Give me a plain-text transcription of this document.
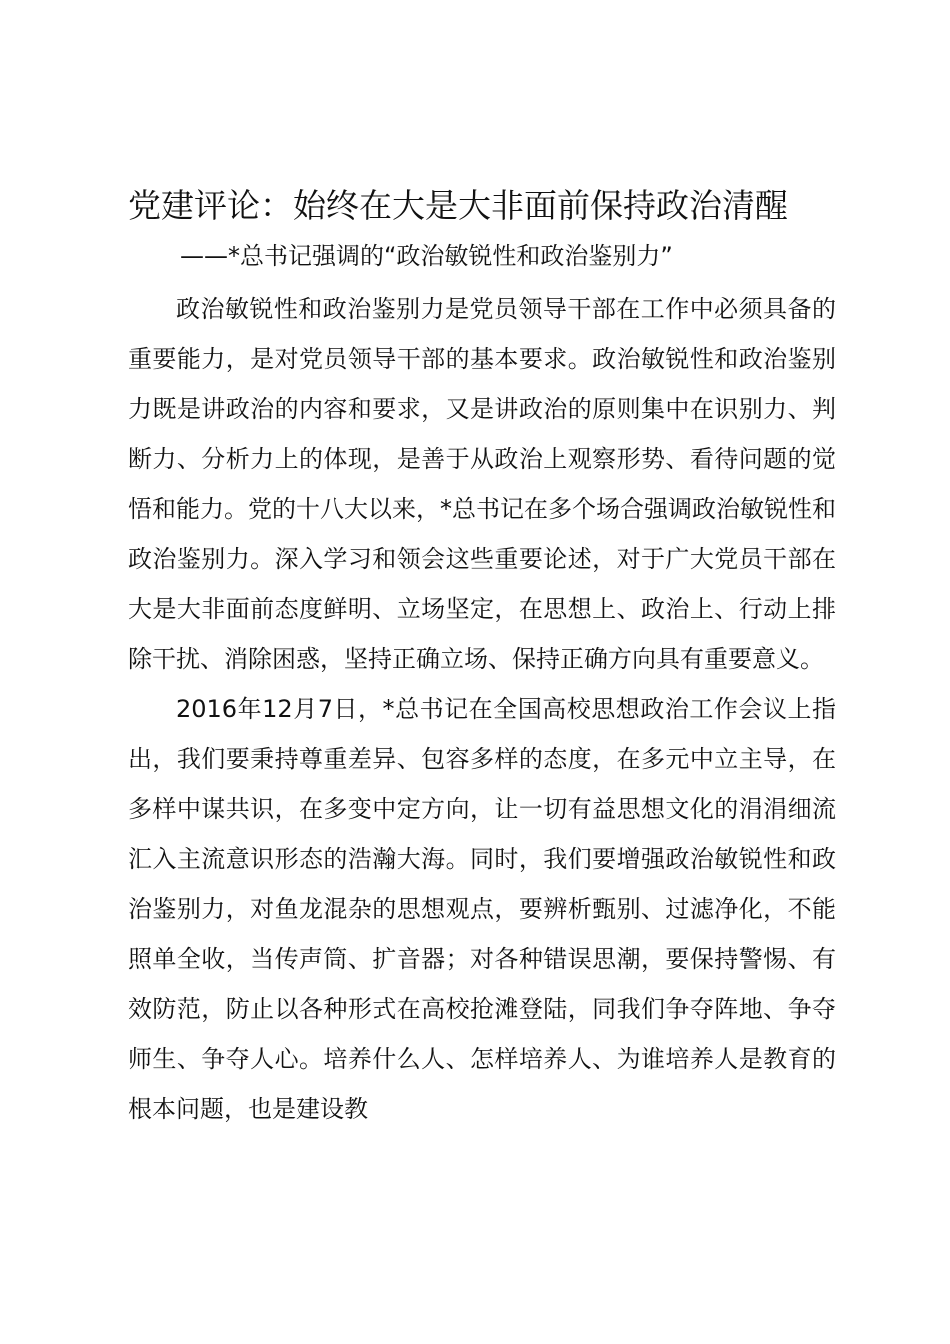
党建评论：始终在大是大非面前保持政治清醒
——*总书记强调的“政治敏锐性和政治鉴别力”

政治敏锐性和政治鉴别力是党员领导干部在工作中必须具备的重要能力，是对党员领导干部的基本要求。政治敏锐性和政治鉴别力既是讲政治的内容和要求，又是讲政治的原则集中在识别力、判断力、分析力上的体现，是善于从政治上观察形势、看待问题的觉悟和能力。党的十八大以来，*总书记在多个场合强调政治敏锐性和政治鉴别力。深入学习和领会这些重要论述，对于广大党员干部在大是大非面前态度鲜明、立场坚定，在思想上、政治上、行动上排除干扰、消除困惑，坚持正确立场、保持正确方向具有重要意义。

2016年12月7日，*总书记在全国高校思想政治工作会议上指出，我们要秉持尊重差异、包容多样的态度，在多元中立主导，在多样中谋共识，在多变中定方向，让一切有益思想文化的涓涓细流汇入主流意识形态的浩瀚大海。同时，我们要增强政治敏锐性和政治鉴别力，对鱼龙混杂的思想观点，要辨析甄别、过滤净化，不能照单全收，当传声筒、扩音器；对各种错误思潮，要保持警惕、有效防范，防止以各种形式在高校抢滩登陆，同我们争夺阵地、争夺师生、争夺人心。培养什么人、怎样培养人、为谁培养人是教育的根本问题，也是建设教
